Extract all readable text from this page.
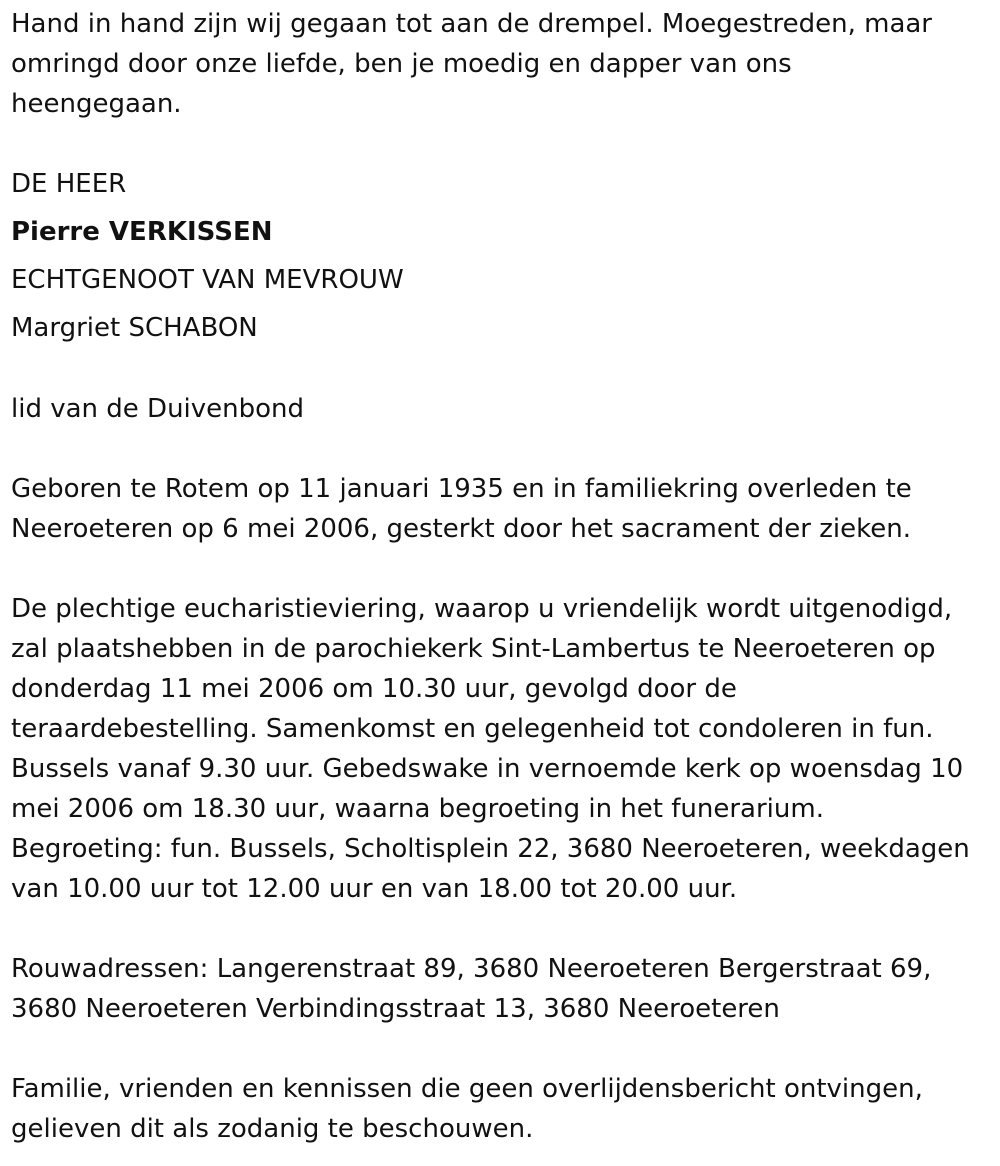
Hand in hand zijn wij gegaan tot aan de drempel. Moegestreden, maar
omringd door onze liefde, ben je moedig en dapper van ons
heengegaan.

DE HEER
Pierre VERKISSEN
ECHTGENOOT VAN MEVROUW
Margriet SCHABON

lid van de Duivenbond

Geboren te Rotem op 11 januari 1935 en in familiekring overleden te
Neeroeteren op 6 mei 2006, gesterkt door het sacrament der zieken.

De plechtige eucharistieviering, waarop u vriendelijk wordt uitgenodigd,
zal plaatshebben in de parochiekerk Sint-Lambertus te Neeroeteren op
donderdag 11 mei 2006 om 10.30 uur, gevolgd door de
teraardebestelling. Samenkomst en gelegenheid tot condoleren in fun.
Bussels vanaf 9.30 uur. Gebedswake in vernoemde kerk op woensdag 10
mei 2006 om 18.30 uur, waarna begroeting in het funerarium.
Begroeting: fun. Bussels, Scholtisplein 22, 3680 Neeroeteren, weekdagen
van 10.00 uur tot 12.00 uur en van 18.00 tot 20.00 uur.

Rouwadressen: Langerenstraat 89, 3680 Neeroeteren Bergerstraat 69,
3680 Neeroeteren Verbindingsstraat 13, 3680 Neeroeteren

Familie, vrienden en kennissen die geen overlijdensbericht ontvingen,
gelieven dit als zodanig te beschouwen.
